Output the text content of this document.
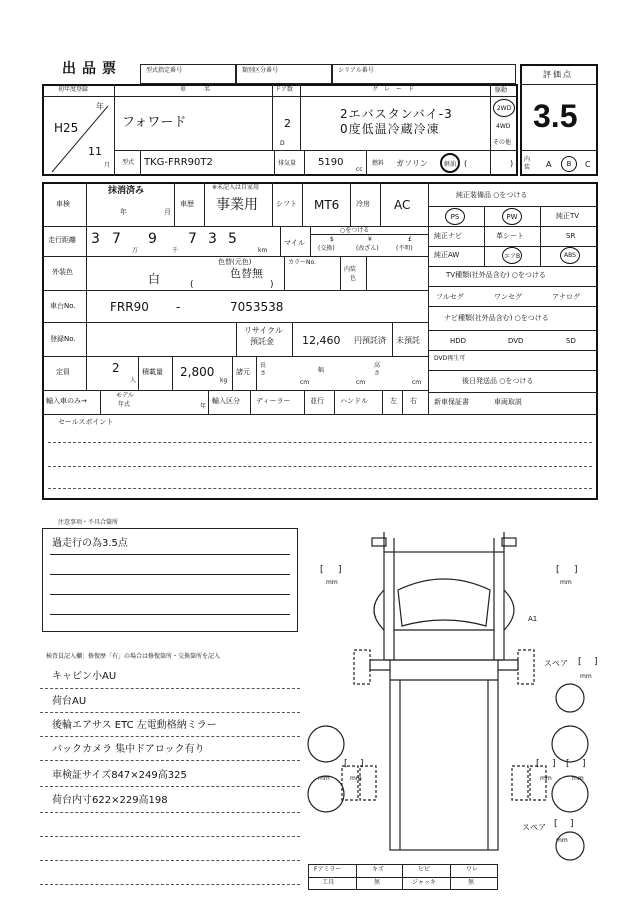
出品票	型式指定番号	類別区分番号	シリアル番号	評価点
3.5
内装 A B C
初年度登録	車名	ドア数	グレード
年
H25
11
月
フォワード	2
D
2エバスタンバイ-3
0度低温冷蔵冷凍
駆動
2WD
4WD
その他
型式 TKG-FRR90T2	排気量 5190
cc
燃料 ガソリン	軽油 (	)
車検
抹消済み
年	月
車歴
※未記入は自家用
事業用	シフト MT6 冷房 AC
走行距離 3 7
万
9
千
7 3 5
km
マイル
○をつける
$
(交換)
¥
(改ざん)
£
(不明)
外装色	白
色替(元色)
色替無
(	)
カラーNo.
内装
色
車台No.	FRR90 -	7053538
登録No.
リサイクル
預託金	12,460 円 預託済 未預託
定員	2
人
積載量 2,800
kg
諸元
長さ
cm
幅
cm
高さ
cm
輸入車のみ→
モデル
年式	年
輸入区分 ディーラー	並行 ハンドル	左 右
純正装備品 ○をつける
PS	PW	純正TV
純正ナビ	革シート	SR
純正AW	エアB	ABS
TV種類(社外品含む) ○をつける
フルセグ	ワンセグ	アナログ
ナビ種類(社外品含む) ○をつける
HDD	DVD	SD
DVD再生可
後日発送品 ○をつける
新車保証書	車両取説
セールスポイント
注意事項・不具合箇所
過走行の為3.5点
検査員記入欄：修復歴「有」の場合は修復箇所・交換箇所を記入
キャビン小AU
荷台AU
後輪エアサス ETC 左電動格納ミラー
バックカメラ 集中ドアロック有り
車検証サイズ847×249高325
荷台内寸622×229高198
[ ]
mm
[ ]
mm
A1
スペア [ ]
mm
[ ]
mm	mm
[ ]
mm	mm
[ ]
スペア [ ]
mm
Fアミラー	キズ	ヒビ	ワレ
工具	無	ジャッキ	無
